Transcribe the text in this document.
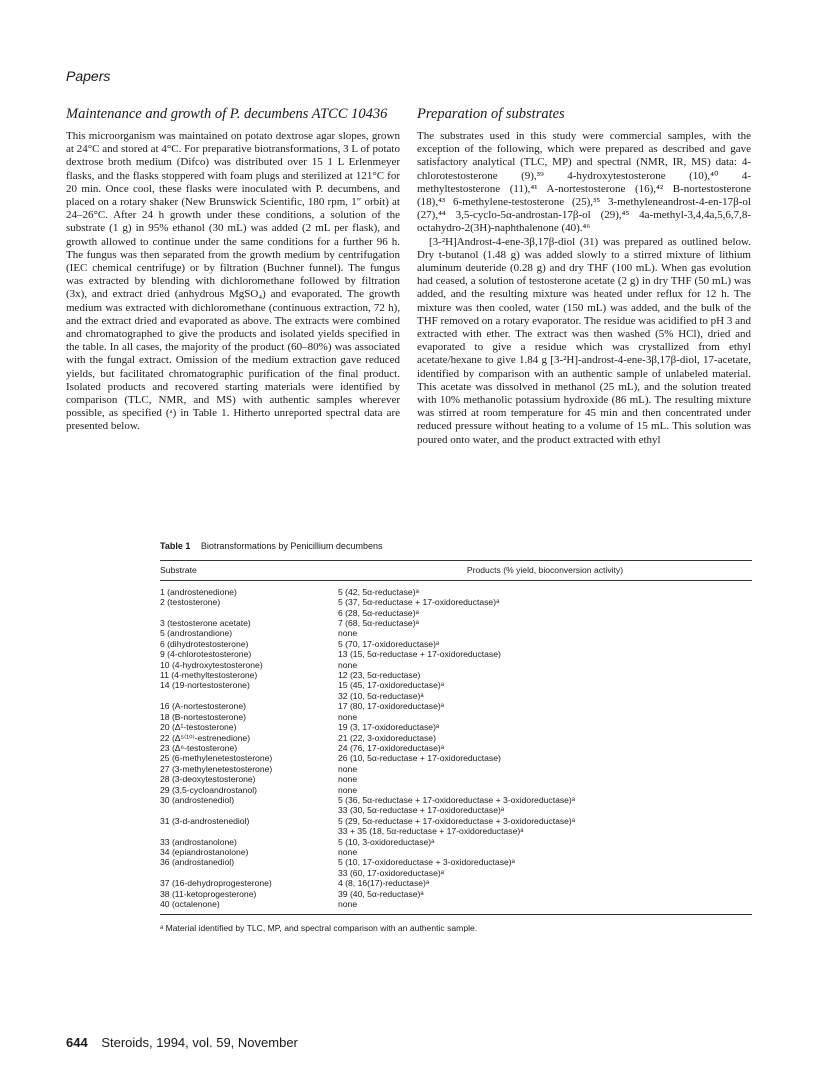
Papers
Maintenance and growth of P. decumbens ATCC 10436

This microorganism was maintained on potato dextrose agar slopes, grown at 24°C and stored at 4°C. For preparative biotransformations, 3 L of potato dextrose broth medium (Difco) was distributed over 15 1 L Erlenmeyer flasks, and the flasks stoppered with foam plugs and sterilized at 121°C for 20 min. Once cool, these flasks were inoculated with P. decumbens, and placed on a rotary shaker (New Brunswick Scientific, 180 rpm, 1″ orbit) at 24–26°C. After 24 h growth under these conditions, a solution of the substrate (1 g) in 95% ethanol (30 mL) was added (2 mL per flask), and growth allowed to continue under the same conditions for a further 96 h. The fungus was then separated from the growth medium by centrifugation (IEC chemical centrifuge) or by filtration (Buchner funnel). The fungus was extracted by blending with dichloromethane followed by filtration (3x), and extract dried (anhydrous MgSO₄) and evaporated. The growth medium was extracted with dichloromethane (continuous extraction, 72 h), and the extract dried and evaporated as above. The extracts were combined and chromatographed to give the products and isolated yields specified in the table. In all cases, the majority of the product (60–80%) was associated with the fungal extract. Omission of the medium extraction gave reduced yields, but facilitated chromatographic purification of the final product. Isolated products and recovered starting materials were identified by comparison (TLC, NMR, and MS) with authentic samples wherever possible, as specified (ᵃ) in Table 1. Hitherto unreported spectral data are presented below.

Preparation of substrates

The substrates used in this study were commercial samples, with the exception of the following, which were prepared as described and gave satisfactory analytical (TLC, MP) and spectral (NMR, IR, MS) data: 4-chlorotestosterone (9),³⁹ 4-hydroxytestosterone (10),⁴⁰ 4-methyltestosterone (11),⁴¹ A-nortestosterone (16),⁴² B-nortestosterone (18),⁴³ 6-methylene-testosterone (25),³⁵ 3-methyleneandrost-4-en-17β-ol (27),⁴⁴ 3,5-cyclo-5α-androstan-17β-ol (29),⁴⁵ 4a-methyl-3,4,4a,5,6,7,8-octahydro-2(3H)-naphthalenone (40).⁴⁶

[3-²H]Androst-4-ene-3β,17β-diol (31) was prepared as outlined below. Dry t-butanol (1.48 g) was added slowly to a stirred mixture of lithium aluminum deuteride (0.28 g) and dry THF (100 mL). When gas evolution had ceased, a solution of testosterone acetate (2 g) in dry THF (50 mL) was added, and the resulting mixture was heated under reflux for 12 h. The mixture was then cooled, water (150 mL) was added, and the bulk of the THF removed on a rotary evaporator. The residue was acidified to pH 3 and extracted with ether. The extract was then washed (5% HCl), dried and evaporated to give a residue which was crystallized from ethyl acetate/hexane to give 1.84 g [3-²H]-androst-4-ene-3β,17β-diol, 17-acetate, identified by comparison with an authentic sample of unlabeled material. This acetate was dissolved in methanol (25 mL), and the solution treated with 10% methanolic potassium hydroxide (86 mL). The resulting mixture was stirred at room temperature for 45 min and then concentrated under reduced pressure without heating to a volume of 15 mL. This solution was poured onto water, and the product extracted with ethyl

Table 1 Biotransformations by Penicillium decumbens
Substrate	Products (% yield, bioconversion activity)
1 (androstenedione)	5 (42, 5α-reductase)ᵃ
2 (testosterone)	5 (37, 5α-reductase + 17-oxidoreductase)ᵃ
	6 (28, 5α-reductase)ᵃ
3 (testosterone acetate)	7 (68, 5α-reductase)ᵃ
5 (androstandione)	none
6 (dihydrotestosterone)	5 (70, 17-oxidoreductase)ᵃ
9 (4-chlorotestosterone)	13 (15, 5α-reductase + 17-oxidoreductase)
10 (4-hydroxytestosterone)	none
11 (4-methyltestosterone)	12 (23, 5α-reductase)
14 (19-nortestosterone)	15 (45, 17-oxidoreductase)ᵃ
	32 (10, 5α-reductase)ᵃ
16 (A-nortestosterone)	17 (80, 17-oxidoreductase)ᵃ
18 (B-nortestosterone)	none
20 (Δ¹-testosterone)	19 (3, 17-oxidoreductase)ᵃ
22 (Δ⁵⁽¹⁰⁾-estrenedione)	21 (22, 3-oxidoreductase)
23 (Δ⁶-testosterone)	24 (76, 17-oxidoreductase)ᵃ
25 (6-methylenetestosterone)	26 (10, 5α-reductase + 17-oxidoreductase)
27 (3-methylenetestosterone)	none
28 (3-deoxytestosterone)	none
29 (3,5-cycloandrostanol)	none
30 (androstenediol)	5 (36, 5α-reductase + 17-oxidoreductase + 3-oxidoreductase)ᵃ
	33 (30, 5α-reductase + 17-oxidoreductase)ᵃ
31 (3-d-androstenediol)	5 (29, 5α-reductase + 17-oxidoreductase + 3-oxidoreductase)ᵃ
	33 + 35 (18, 5α-reductase + 17-oxidoreductase)ᵃ
33 (androstanolone)	5 (10, 3-oxidoreductase)ᵃ
34 (epiandrostanolone)	none
36 (androstanediol)	5 (10, 17-oxidoreductase + 3-oxidoreductase)ᵃ
	33 (60, 17-oxidoreductase)ᵃ
37 (16-dehydroprogesterone)	4 (8, 16(17)-reductase)ᵃ
38 (11-ketoprogesterone)	39 (40, 5α-reductase)ᵃ
40 (octalenone)	none
ᵃ Material identified by TLC, MP, and spectral comparison with an authentic sample.
644 Steroids, 1994, vol. 59, November
